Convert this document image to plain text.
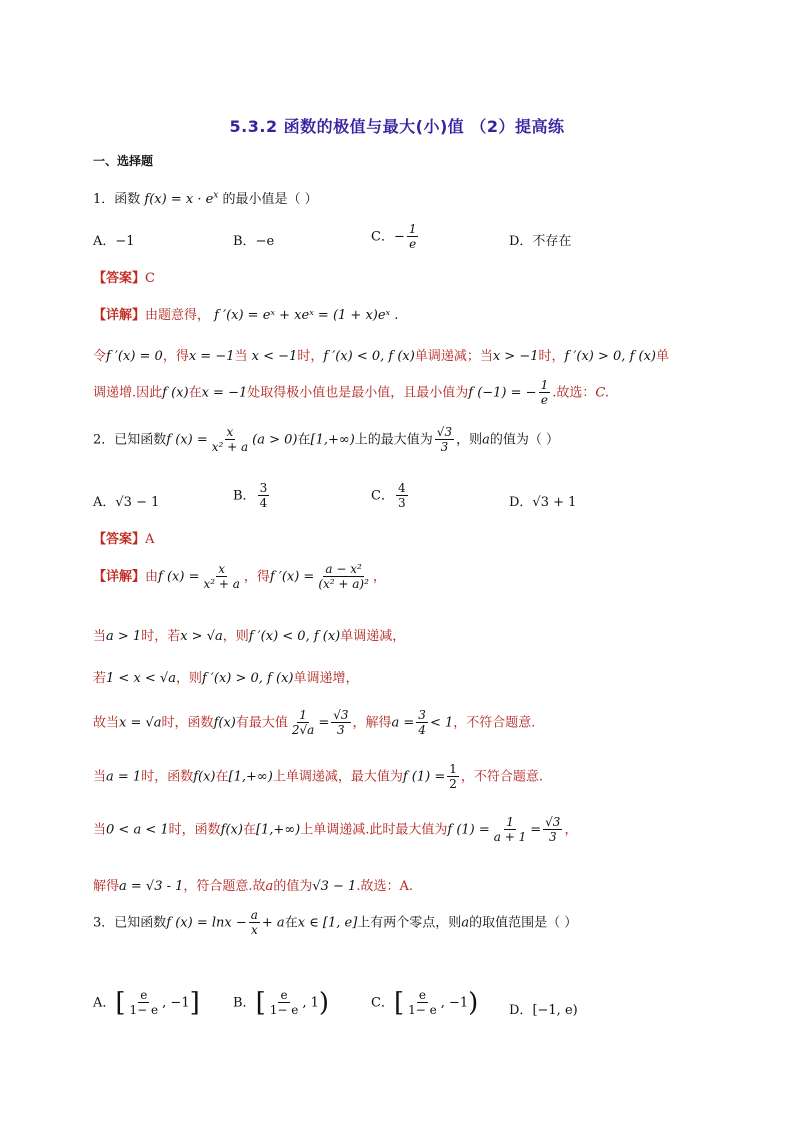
5.3.2 函数的极值与最大(小)值 （2）提高练
一、选择题
1．函数 $f(x) = x \cdot e^x$ 的最小值是（ ）
A．−1	B．−e	C．− $\frac{1}{e}$	D．不存在
【答案】C
【详解】由题意得， f ′(x) = eˣ + xeˣ = (1 + x)eˣ .
令f ′(x) = 0，得x = −1当 x < −1时，f ′(x) < 0, f (x)单调递减；当x > −1时，f ′(x) > 0, f (x)单
调递增.因此f (x)在x = −1处取得极小值也是最小值，且最小值为f (−1) = − $\frac{1}{e}$ .故选：C.
2．已知函数f $(x) = \frac{x}{\text{x² + a}} (a > 0)$在[1,+∞)上的最大值为 $\frac{√3}{3}$ ，则a的值为（ ）
A．√3 − 1	B． $\frac{3}{4}$	C． $\frac{4}{3}$	D．√3 + 1
【答案】A
【详解】由f $(x) = \frac{x}{\text{x² + a}}$ ，得f $'(x) = \frac{\text{a − x²}}{\text{(x² + a)²}}$ ，
当a > 1时，若x > √a，则f ′(x) < 0, f (x)单调递减，
若1 < x < √a，则f ′(x) > 0, f (x)单调递增，
故当x = √a时，函数f(x)有最大值 $\frac{1}{2√a} = \frac{√3}{3}$ ，解得$a = \frac{3}{4} < 1$，不符合题意.
当a = 1时，函数f(x)在[1,+∞)上单调递减，最大值为f $(1) = \frac{1}{2}$ ，不符合题意.
当0 < a < 1时，函数f(x)在[1,+∞)上单调递减.此时最大值为f $(1) = \frac{1}{a + 1} = \frac{√3}{3}$ ，
解得a = √3 - 1，符合题意.故a的值为√3 − 1.故选：A.
3．已知函数f $(x) = \ln x - \frac{a}{x} + a$在x ∈ [1, e]上有两个零点，则a的取值范围是（ ）
A．[ $\frac{e}{1- e}$ , −1]	B．[ $\frac{e}{1- e}$ , 1)	C．[ $\frac{e}{1- e}$ , −1) D．[−1, e)
